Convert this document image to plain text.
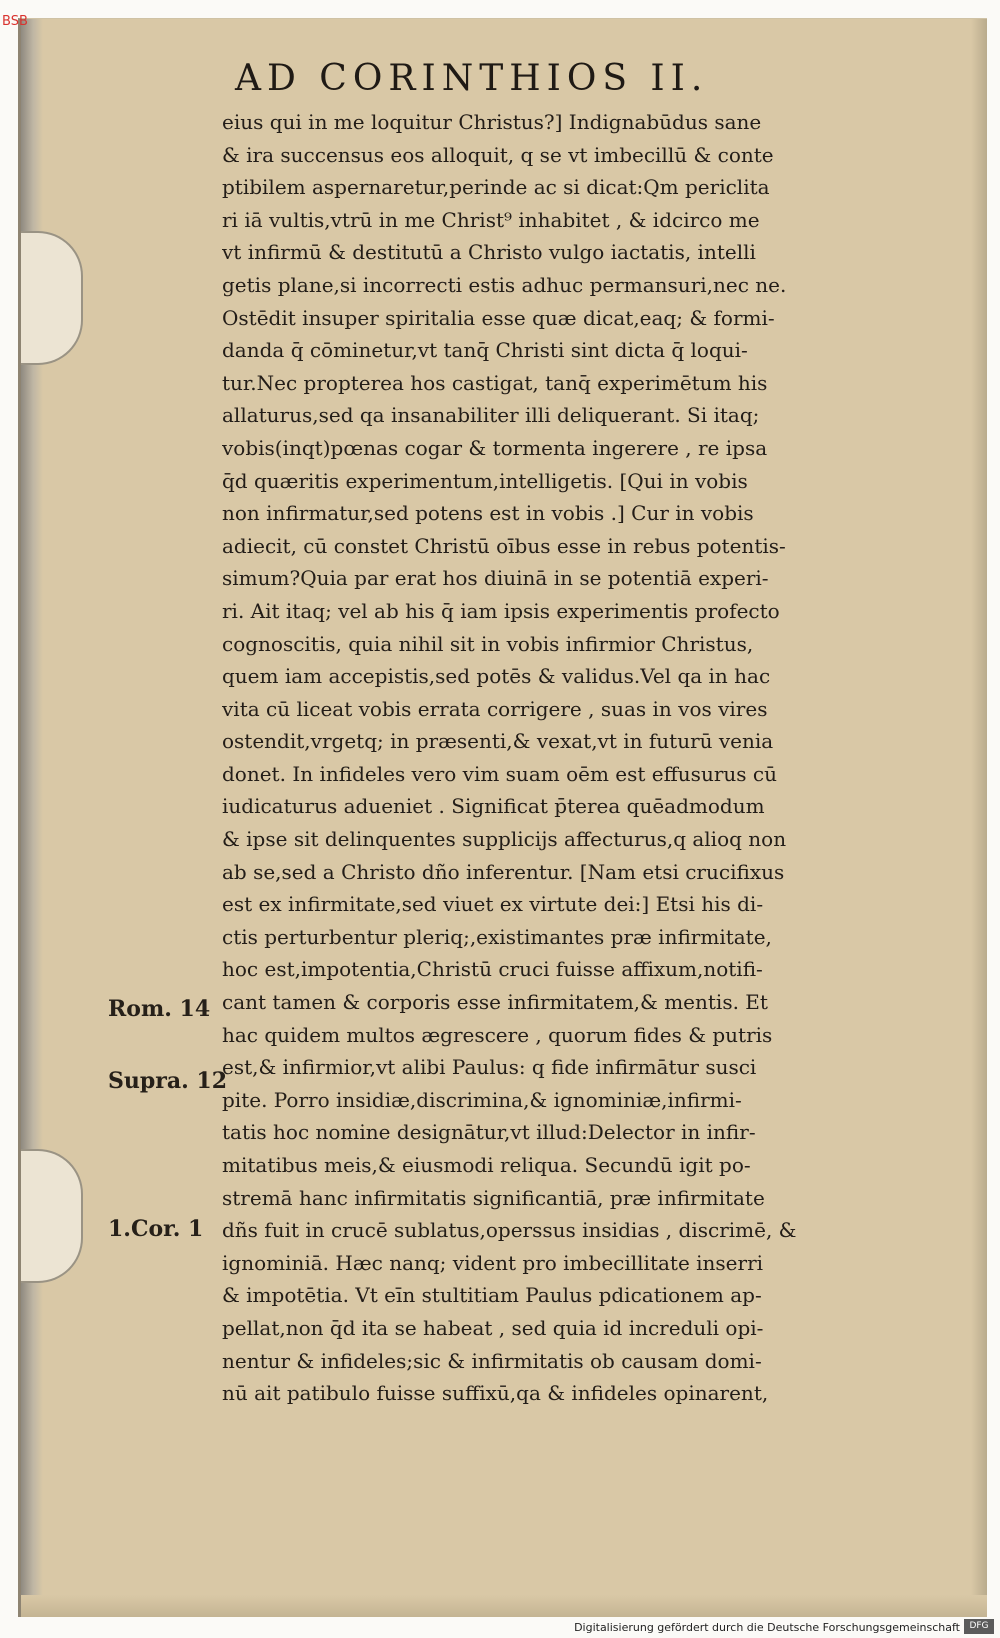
BSB
AD CORINTHIOS II.
eius qui in me loquitur Christus?] Indignabūdus sane
& ira succensus eos alloquit, q se vt imbecillū & conte
ptibilem aspernaretur,perinde ac si dicat:Qm periclita
ri iā vultis,vtrū in me Christ⁹ inhabitet , & idcirco me
vt infirmū & destitutū a Christo vulgo iactatis, intelli
getis plane,si incorrecti estis adhuc permansuri,nec ne.
Ostēdit insuper spiritalia esse quæ dicat,eaq; & formi-
danda q̄ cōminetur,vt tanq̄ Christi sint dicta q̄ loqui-
tur.Nec propterea hos castigat, tanq̄ experimētum his
allaturus,sed qa insanabiliter illi deliquerant. Si itaq;
vobis(inqt)pœnas cogar & tormenta ingerere , re ipsa
q̄d quæritis experimentum,intelligetis. [Qui in vobis
non infirmatur,sed potens est in vobis .] Cur in vobis
adiecit, cū constet Christū oībus esse in rebus potentis-
simum?Quia par erat hos diuinā in se potentiā experi-
ri. Ait itaq; vel ab his q̄ iam ipsis experimentis profecto
cognoscitis, quia nihil sit in vobis infirmior Christus,
quem iam accepistis,sed potēs & validus.Vel qa in hac
vita cū liceat vobis errata corrigere , suas in vos vires
ostendit,vrgetq; in præsenti,& vexat,vt in futurū venia
donet. In infideles vero vim suam oēm est effusurus cū
iudicaturus adueniet . Significat p̄terea quēadmodum
& ipse sit delinquentes supplicijs affecturus,q alioq non
ab se,sed a Christo dño inferentur. [Nam etsi crucifixus
est ex infirmitate,sed viuet ex virtute dei:] Etsi his di-
ctis perturbentur pleriq;,existimantes præ infirmitate,
hoc est,impotentia,Christū cruci fuisse affixum,notifi-
cant tamen & corporis esse infirmitatem,& mentis. Et
hac quidem multos ægrescere , quorum fides & putris
est,& infirmior,vt alibi Paulus: q fide infirmātur susci
pite. Porro insidiæ,discrimina,& ignominiæ,infirmi-
tatis hoc nomine designātur,vt illud:Delector in infir-
mitatibus meis,& eiusmodi reliqua. Secundū igit po-
stremā hanc infirmitatis significantiā, præ infirmitate
dñs fuit in crucē sublatus,operssus insidias , discrimē, &
ignominiā. Hæc nanq; vident pro imbecillitate inserri
& impotētia. Vt eīn stultitiam Paulus pdicationem ap-
pellat,non q̄d ita se habeat , sed quia id increduli opi-
nentur & infideles;sic & infirmitatis ob causam domi-
nū ait patibulo fuisse suffixū,qa & infideles opinarent,
Rom. 14
Supra. 12
1.Cor. 1
Digitalisierung gefördert durch die Deutsche Forschungsgemeinschaft	DFG
